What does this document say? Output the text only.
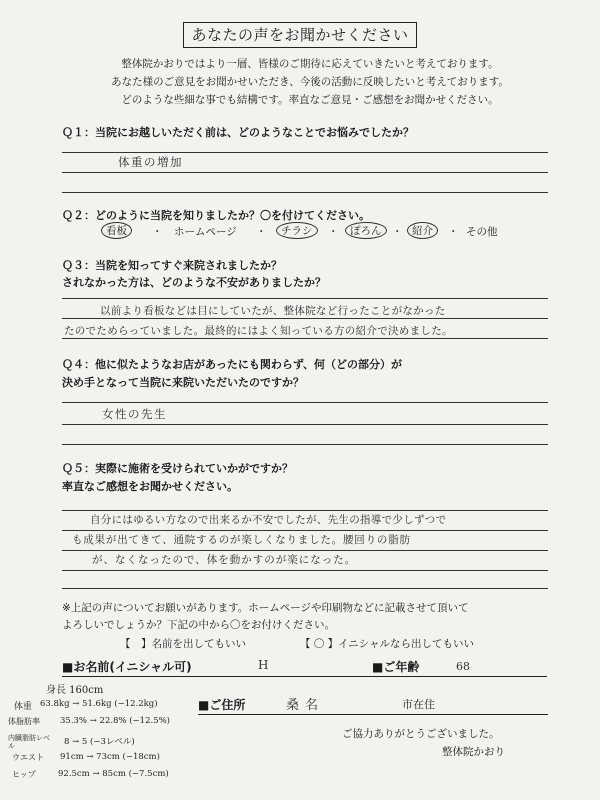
あなたの声をお聞かせください
整体院かおりではより一層、皆様のご期待に応えていきたいと考えております。
あなた様のご意見をお聞かせいただき、今後の活動に反映したいと考えております。
どのような些細な事でも結構です。率直なご意見・ご感想をお聞かせください。
Ｑ１：当院にお越しいただく前は、どのようなことでお悩みでしたか？
体重の増加
Ｑ２：どのように当院を知りましたか？〇を付けてください。
看板	・ ホームページ ・	チラシ	・	ぽろん	・ 紹介	・ その他
Ｑ３：当院を知ってすぐ来院されましたか？
されなかった方は、どのような不安がありましたか？
以前より看板などは目にしていたが、整体院など行ったことがなかった
たのでためらっていました。最終的にはよく知っている方の紹介で決めました。
Ｑ４：他に似たようなお店があったにも関わらず、何（どの部分）が
決め手となって当院に来院いただいたのですか？
女性の先生
Ｑ５：実際に施術を受けられていかがですか？
率直なご感想をお聞かせください。
自分にはゆるい方なので出来るか不安でしたが、先生の指導で少しずつで
も成果が出てきて、通院するのが楽しくなりました。腰回りの脂肪
が、なくなったので、体を動かすのが楽になった。
※上記の声についてお願いがあります。ホームページや印刷物などに記載させて頂いて
よろしいでしょうか？下記の中から〇をお付けください。
【　】名前を出してもいい	【 〇 】イニシャルなら出してもいい
■お名前(イニシャル可)	H	■ご年齢	68
■ご住所	桑名	市在住
身長 160cm
体重 63.8kg → 51.6kg (−12.2kg)
体脂肪率 35.3% → 22.8% (−12.5%)
内臓脂肪レベル	8 → 5 (−3レベル)
ウエスト 91cm → 73cm (−18cm)
ヒップ	92.5cm → 85cm (−7.5cm)
ご協力ありがとうございました。
整体院かおり
